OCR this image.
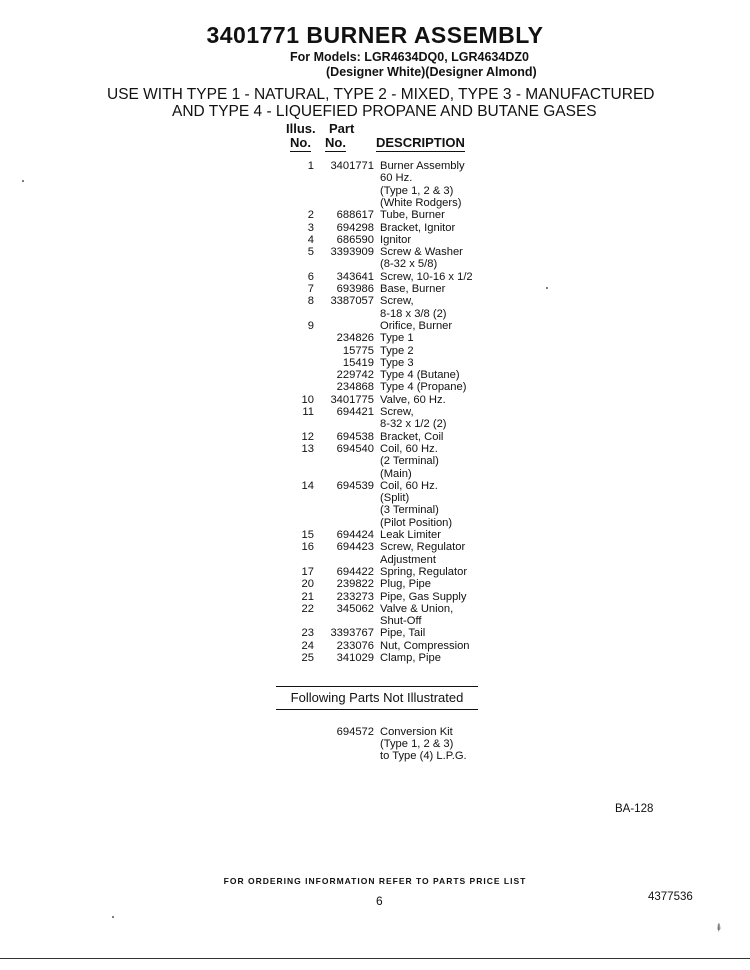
3401771 BURNER ASSEMBLY
For Models: LGR4634DQ0, LGR4634DZ0
(Designer White)(Designer Almond)
USE WITH TYPE 1 - NATURAL, TYPE 2 - MIXED, TYPE 3 - MANUFACTURED
AND TYPE 4 - LIQUEFIED PROPANE AND BUTANE GASES
Illus.
No.
Part
No. DESCRIPTION
1	3401771 Burner Assembly
60 Hz.
(Type 1, 2 & 3)
(White Rodgers)
2	688617 Tube, Burner
3	694298 Bracket, Ignitor
4	686590 Ignitor
5	3393909 Screw & Washer
(8-32 x 5/8)
6	343641 Screw, 10-16 x 1/2
7	693986 Base, Burner
8	3387057 Screw,
8-18 x 3/8 (2)
9	Orifice, Burner
234826 Type 1
15775 Type 2
15419 Type 3
229742 Type 4 (Butane)
234868 Type 4 (Propane)
10	3401775 Valve, 60 Hz.
11	694421 Screw,
8-32 x 1/2 (2)
12	694538 Bracket, Coil
13	694540 Coil, 60 Hz.
(2 Terminal)
(Main)
14	694539 Coil, 60 Hz.
(Split)
(3 Terminal)
(Pilot Position)
15	694424 Leak Limiter
16	694423 Screw, Regulator
Adjustment
17	694422 Spring, Regulator
20	239822 Plug, Pipe
21	233273 Pipe, Gas Supply
22	345062 Valve & Union,
Shut-Off
23	3393767 Pipe, Tail
24	233076 Nut, Compression
25	341029 Clamp, Pipe
Following Parts Not Illustrated
694572 Conversion Kit
(Type 1, 2 & 3)
to Type (4) L.P.G.
BA-128
FOR ORDERING INFORMATION REFER TO PARTS PRICE LIST
6	4377536
⸙
